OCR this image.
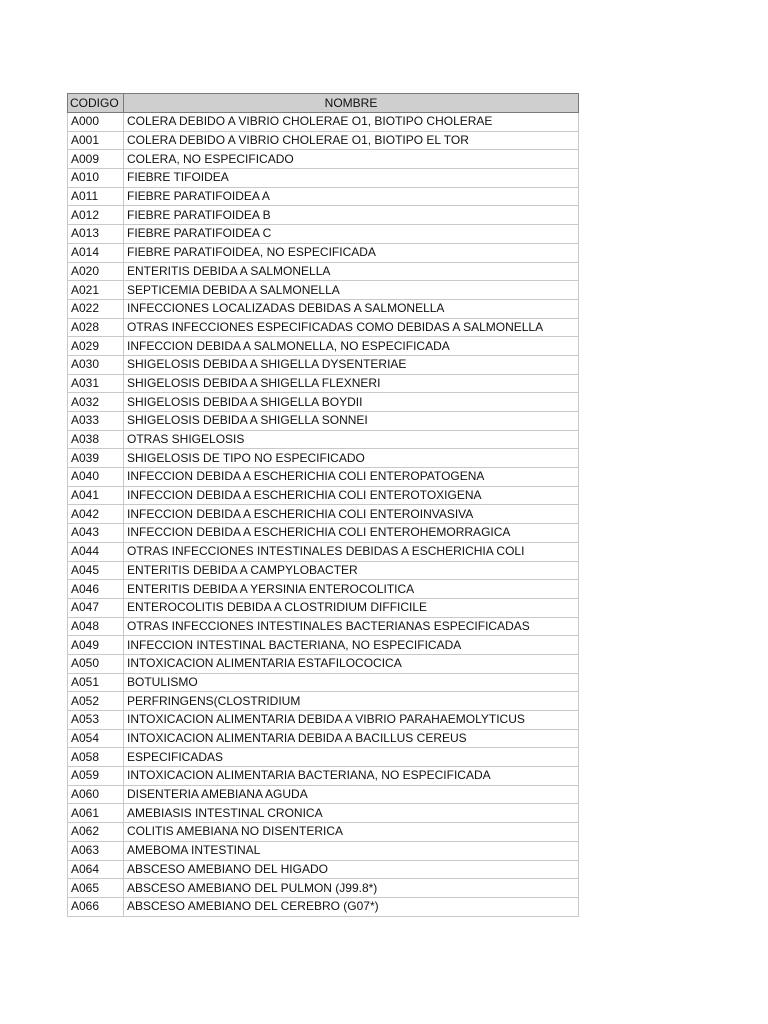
CODIGO	NOMBRE
A000	COLERA DEBIDO A VIBRIO CHOLERAE O1, BIOTIPO CHOLERAE
A001	COLERA DEBIDO A VIBRIO CHOLERAE O1, BIOTIPO EL TOR
A009	COLERA, NO ESPECIFICADO
A010	FIEBRE TIFOIDEA
A011	FIEBRE PARATIFOIDEA A
A012	FIEBRE PARATIFOIDEA B
A013	FIEBRE PARATIFOIDEA C
A014	FIEBRE PARATIFOIDEA, NO ESPECIFICADA
A020	ENTERITIS DEBIDA A SALMONELLA
A021	SEPTICEMIA DEBIDA A SALMONELLA
A022	INFECCIONES LOCALIZADAS DEBIDAS A SALMONELLA
A028	OTRAS INFECCIONES ESPECIFICADAS COMO DEBIDAS A SALMONELLA
A029	INFECCION DEBIDA A SALMONELLA, NO ESPECIFICADA
A030	SHIGELOSIS DEBIDA A SHIGELLA DYSENTERIAE
A031	SHIGELOSIS DEBIDA A SHIGELLA FLEXNERI
A032	SHIGELOSIS DEBIDA A SHIGELLA BOYDII
A033	SHIGELOSIS DEBIDA A SHIGELLA SONNEI
A038	OTRAS SHIGELOSIS
A039	SHIGELOSIS DE TIPO NO ESPECIFICADO
A040	INFECCION DEBIDA A ESCHERICHIA COLI ENTEROPATOGENA
A041	INFECCION DEBIDA A ESCHERICHIA COLI ENTEROTOXIGENA
A042	INFECCION DEBIDA A ESCHERICHIA COLI ENTEROINVASIVA
A043	INFECCION DEBIDA A ESCHERICHIA COLI ENTEROHEMORRAGICA
A044	OTRAS INFECCIONES INTESTINALES DEBIDAS A ESCHERICHIA COLI
A045	ENTERITIS DEBIDA A CAMPYLOBACTER
A046	ENTERITIS DEBIDA A YERSINIA ENTEROCOLITICA
A047	ENTEROCOLITIS DEBIDA A CLOSTRIDIUM DIFFICILE
A048	OTRAS INFECCIONES INTESTINALES BACTERIANAS ESPECIFICADAS
A049	INFECCION INTESTINAL BACTERIANA, NO ESPECIFICADA
A050	INTOXICACION ALIMENTARIA ESTAFILOCOCICA
A051	BOTULISMO
A052	PERFRINGENS(CLOSTRIDIUM
A053	INTOXICACION ALIMENTARIA DEBIDA A VIBRIO PARAHAEMOLYTICUS
A054	INTOXICACION ALIMENTARIA DEBIDA A BACILLUS CEREUS
A058	ESPECIFICADAS
A059	INTOXICACION ALIMENTARIA BACTERIANA, NO ESPECIFICADA
A060	DISENTERIA AMEBIANA AGUDA
A061	AMEBIASIS INTESTINAL CRONICA
A062	COLITIS AMEBIANA NO DISENTERICA
A063	AMEBOMA INTESTINAL
A064	ABSCESO AMEBIANO DEL HIGADO
A065	ABSCESO AMEBIANO DEL PULMON (J99.8*)
A066	ABSCESO AMEBIANO DEL CEREBRO (G07*)
